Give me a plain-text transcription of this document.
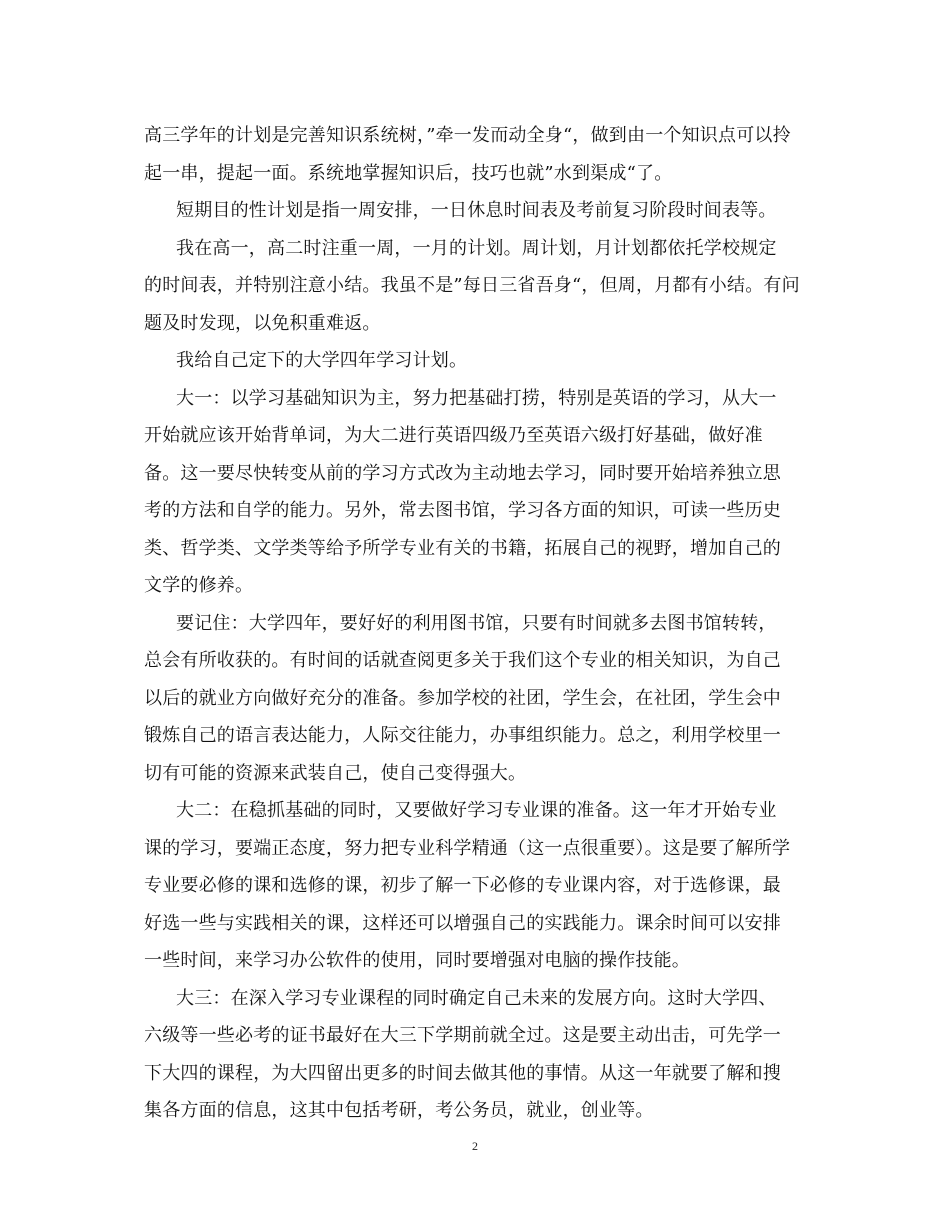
高三学年的计划是完善知识系统树，”牵一发而动全身“，做到由一个知识点可以拎
起一串，提起一面。系统地掌握知识后，技巧也就”水到渠成“了。
短期目的性计划是指一周安排，一日休息时间表及考前复习阶段时间表等。
我在高一，高二时注重一周，一月的计划。周计划，月计划都依托学校规定
的时间表，并特别注意小结。我虽不是”每日三省吾身“，但周，月都有小结。有问
题及时发现，以免积重难返。
我给自己定下的大学四年学习计划。
大一：以学习基础知识为主，努力把基础打捞，特别是英语的学习，从大一
开始就应该开始背单词，为大二进行英语四级乃至英语六级打好基础，做好准
备。这一要尽快转变从前的学习方式改为主动地去学习，同时要开始培养独立思
考的方法和自学的能力。另外，常去图书馆，学习各方面的知识，可读一些历史
类、哲学类、文学类等给予所学专业有关的书籍，拓展自己的视野，增加自己的
文学的修养。
要记住：大学四年，要好好的利用图书馆，只要有时间就多去图书馆转转，
总会有所收获的。有时间的话就查阅更多关于我们这个专业的相关知识，为自己
以后的就业方向做好充分的准备。参加学校的社团，学生会，在社团，学生会中
锻炼自己的语言表达能力，人际交往能力，办事组织能力。总之，利用学校里一
切有可能的资源来武装自己，使自己变得强大。
大二：在稳抓基础的同时，又要做好学习专业课的准备。这一年才开始专业
课的学习，要端正态度，努力把专业科学精通（这一点很重要）。这是要了解所学
专业要必修的课和选修的课，初步了解一下必修的专业课内容，对于选修课，最
好选一些与实践相关的课，这样还可以增强自己的实践能力。课余时间可以安排
一些时间，来学习办公软件的使用，同时要增强对电脑的操作技能。
大三：在深入学习专业课程的同时确定自己未来的发展方向。这时大学四、
六级等一些必考的证书最好在大三下学期前就全过。这是要主动出击，可先学一
下大四的课程，为大四留出更多的时间去做其他的事情。从这一年就要了解和搜
集各方面的信息，这其中包括考研，考公务员，就业，创业等。
2
